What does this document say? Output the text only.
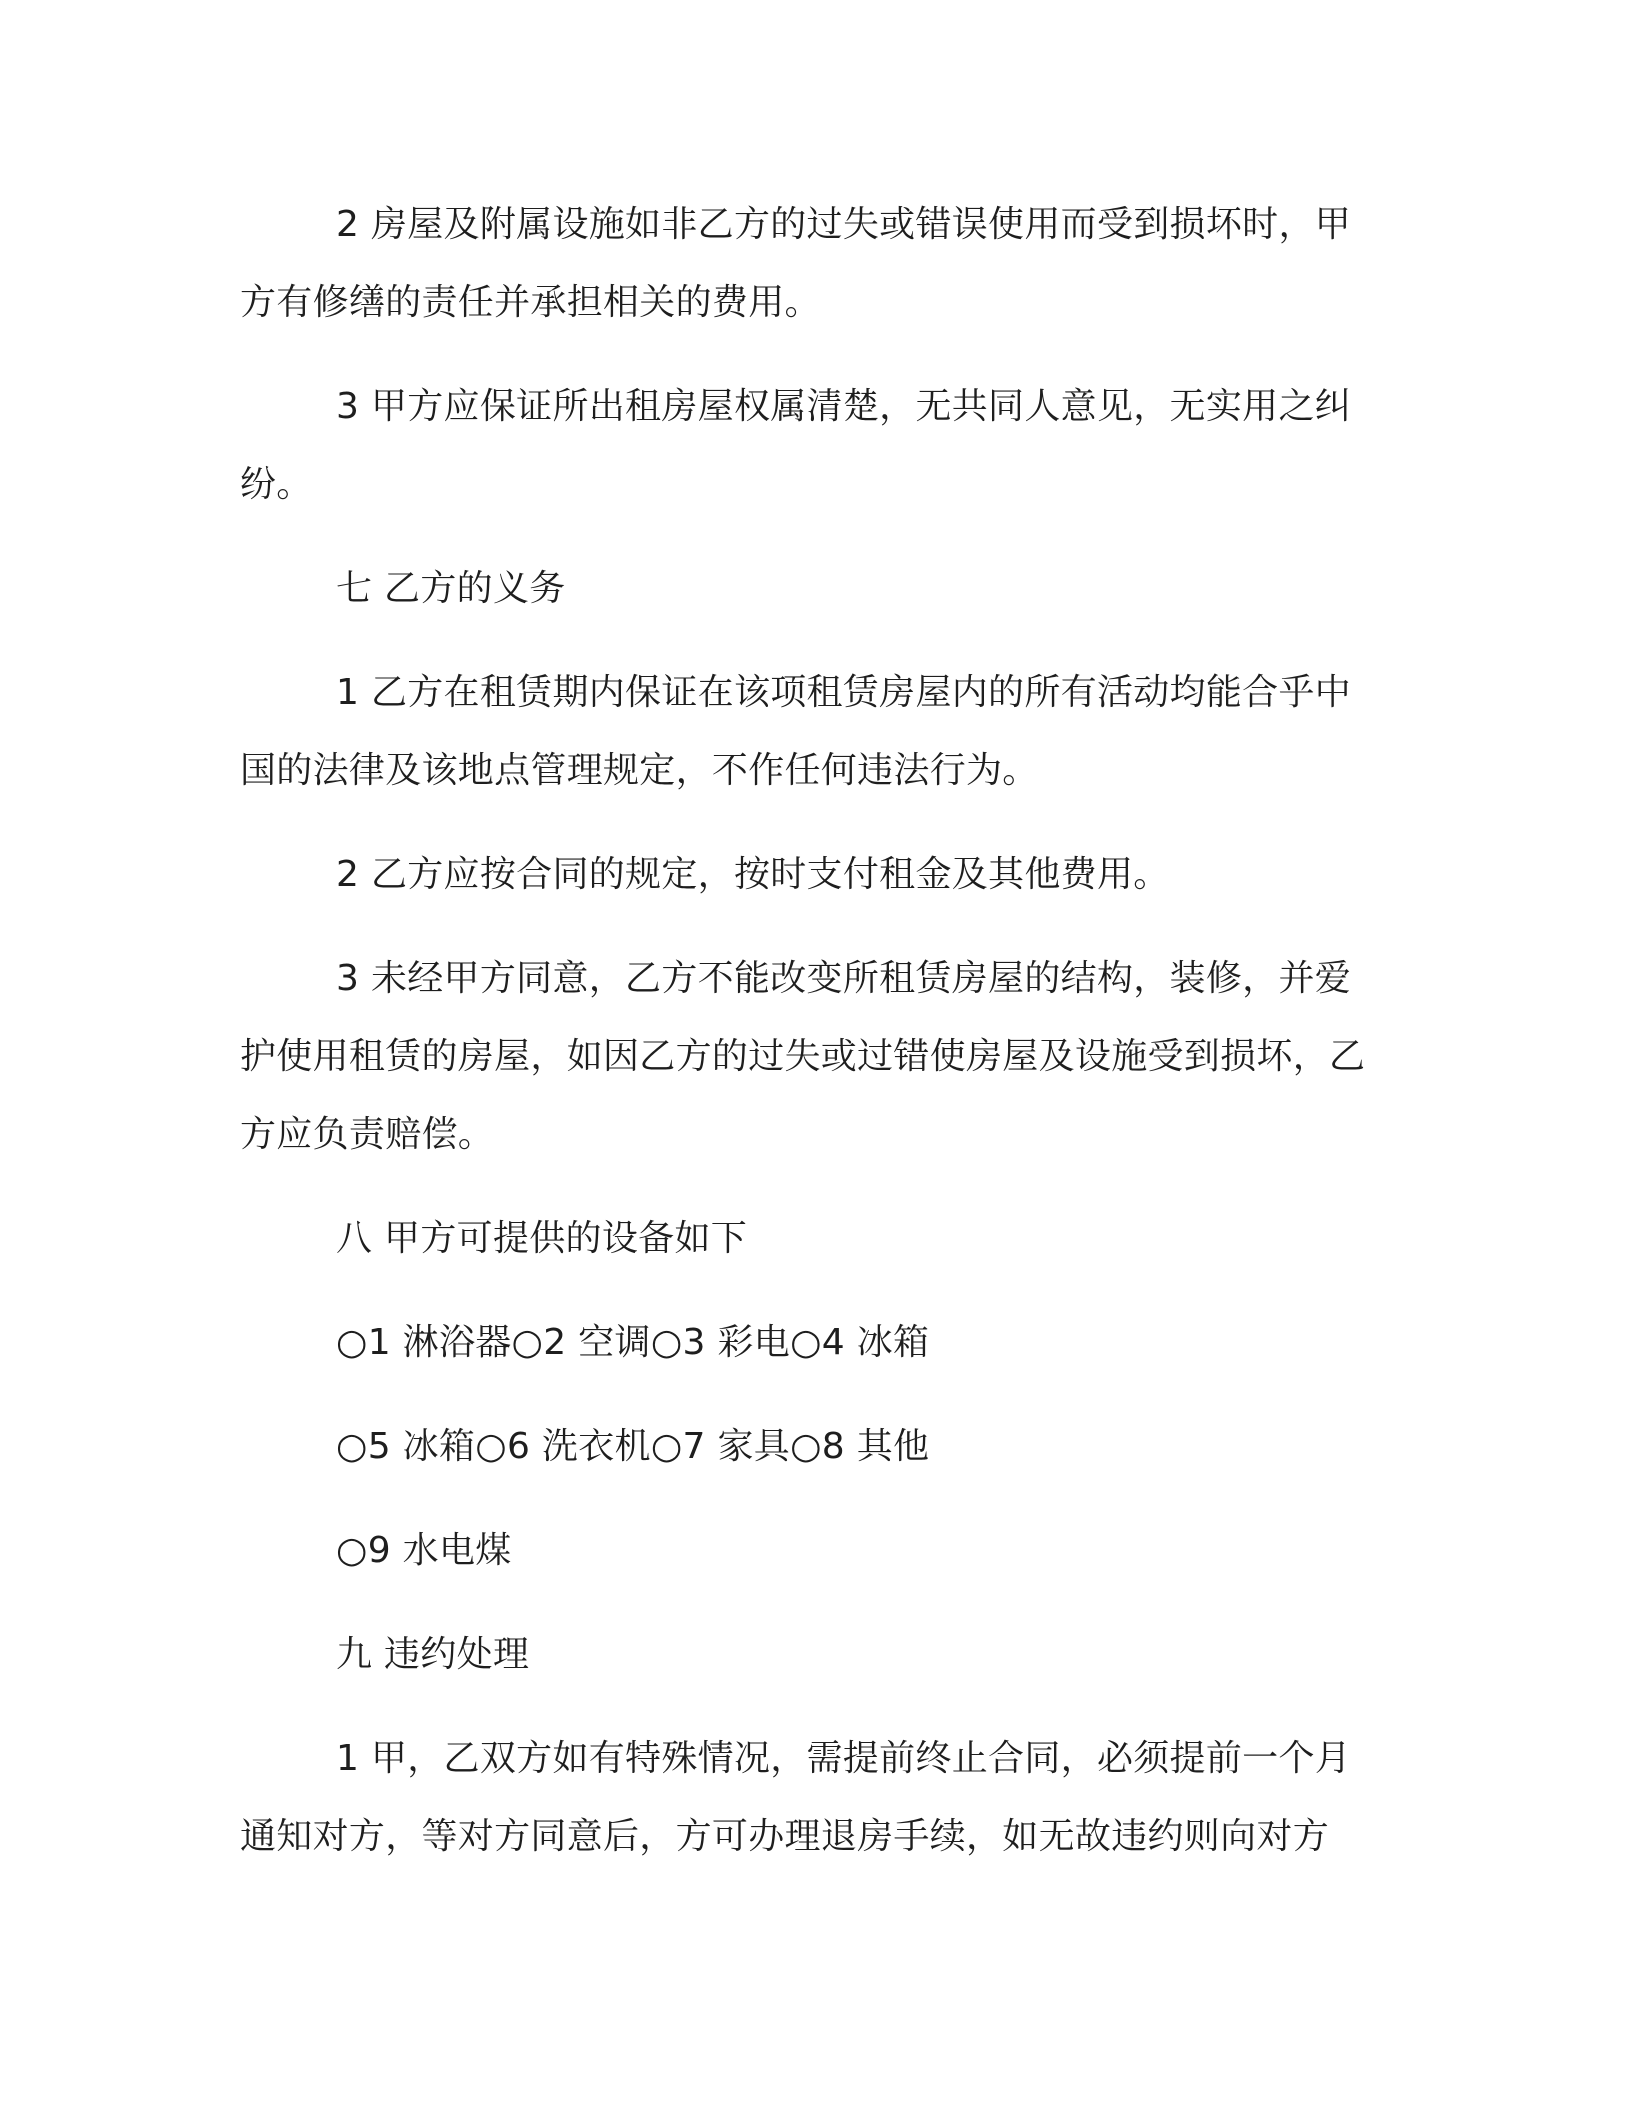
2 房屋及附属设施如非乙方的过失或错误使用而受到损坏时，甲方有修缮的责任并承担相关的费用。

3 甲方应保证所出租房屋权属清楚，无共同人意见，无实用之纠纷。

七 乙方的义务

1 乙方在租赁期内保证在该项租赁房屋内的所有活动均能合乎中国的法律及该地点管理规定，不作任何违法行为。

2 乙方应按合同的规定，按时支付租金及其他费用。

3 未经甲方同意，乙方不能改变所租赁房屋的结构，装修，并爱护使用租赁的房屋，如因乙方的过失或过错使房屋及设施受到损坏，乙方应负责赔偿。

八 甲方可提供的设备如下

○1 淋浴器○2 空调○3 彩电○4 冰箱

○5 冰箱○6 洗衣机○7 家具○8 其他

○9 水电煤

九 违约处理

1 甲，乙双方如有特殊情况，需提前终止合同，必须提前一个月通知对方，等对方同意后，方可办理退房手续，如无故违约则向对方
